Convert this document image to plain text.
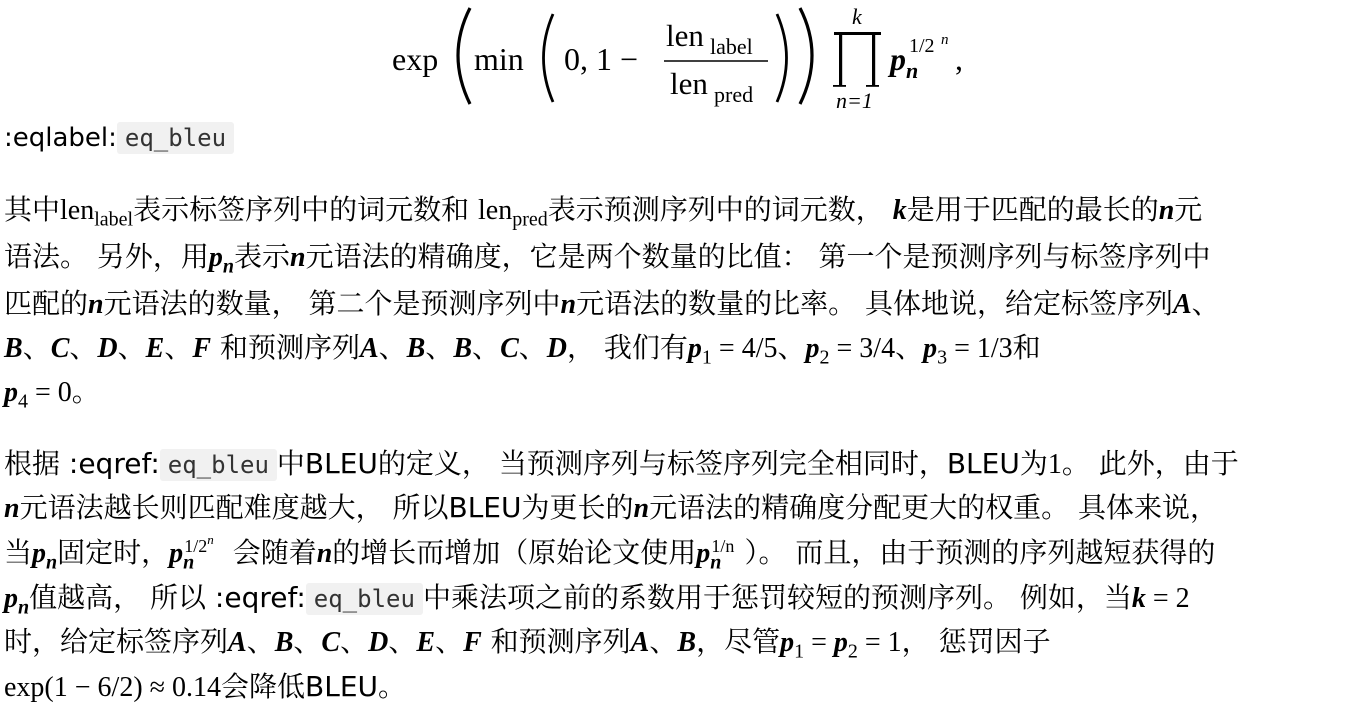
exp min 0, 1 −
len label
len pred
k
n=1
p n
1/2 n
,
:eqlabel: eq_bleu
其中len$_{label}$表示标签序列中的词元数和 len$_{pred}$表示预测序列中的词元数， k是用于匹配的最长的n元
语法。 另外，用$p_n$表示n元语法的精确度，它是两个数量的比值： 第一个是预测序列与标签序列中
匹配的n元语法的数量， 第二个是预测序列中n元语法的数量的比率。 具体地说，给定标签序列A、
B、C、D、E、F 和预测序列A、B、B、C、D， 我们有$p_1 = 4/5$、$p_2 = 3/4$、$p_3 = 1/3$和
$p_4 = 0$。
根据 :eqref: eq_bleu 中BLEU的定义， 当预测序列与标签序列完全相同时，BLEU为1。 此外，由于
n元语法越长则匹配难度越大， 所以BLEU为更长的n元语法的精确度分配更大的权重。 具体来说，
当$p_n$固定时，$p_n^{1/2n}$ 会随着n的增长而增加（原始论文使用$p_n^{1/n}$ ）。 而且，由于预测的序列越短获得的
$p_n$值越高， 所以 :eqref: eq_bleu 中乘法项之前的系数用于惩罚较短的预测序列。 例如，当k = 2
时，给定标签序列A、B、C、D、E、F 和预测序列A、B，尽管$p_1 = p_2 = 1$， 惩罚因子
exp(1 − 6/2) ≈ 0.14会降低BLEU。
